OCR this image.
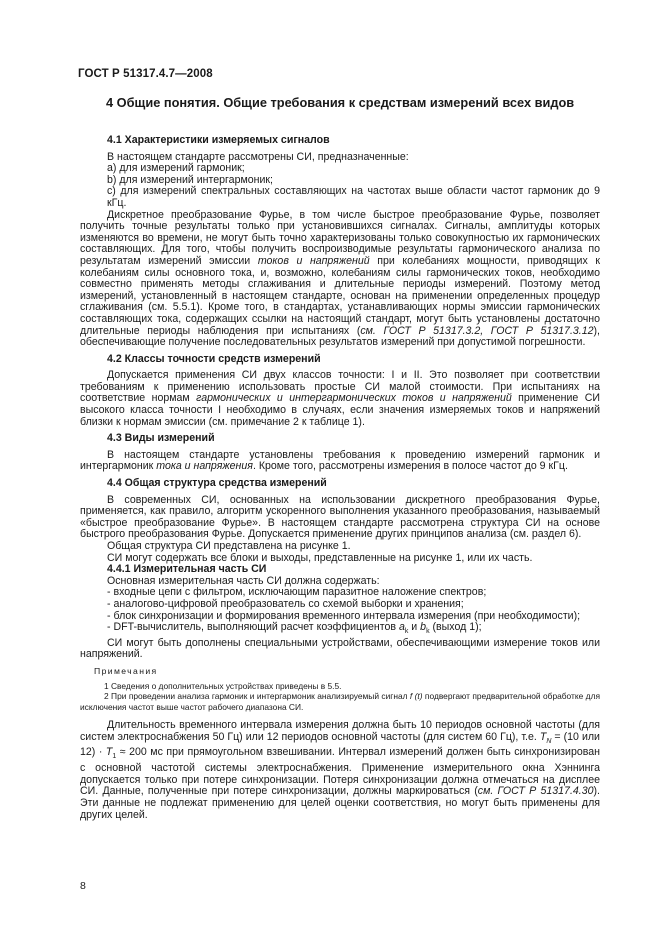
ГОСТ Р 51317.4.7—2008
4 Общие понятия. Общие требования к средствам измерений всех видов

4.1 Характеристики измеряемых сигналов

В настоящем стандарте рассмотрены СИ, предназначенные:

a) для измерений гармоник;

b) для измерений интергармоник;

c) для измерений спектральных составляющих на частотах выше области частот гармоник до 9 кГц.

Дискретное преобразование Фурье, в том числе быстрое преобразование Фурье, позволяет получить точные результаты только при установившихся сигналах. Сигналы, амплитуды которых изменяются во времени, не могут быть точно характеризованы только совокупностью их гармонических составляющих. Для того, чтобы получить воспроизводимые результаты гармонического анализа по результатам измерений эмиссии токов и напряжений при колебаниях мощности, приводящих к колебаниям силы основного тока, и, возможно, колебаниям силы гармонических токов, необходимо совместно применять методы сглаживания и длительные периоды измерений. Поэтому метод измерений, установленный в настоящем стандарте, основан на применении определенных процедур сглаживания (см. 5.5.1). Кроме того, в стандартах, устанавливающих нормы эмиссии гармонических составляющих тока, содержащих ссылки на настоящий стандарт, могут быть установлены достаточно длительные периоды наблюдения при испытаниях (см. ГОСТ Р 51317.3.2, ГОСТ Р 51317.3.12), обеспечивающие получение последовательных результатов измерений при допустимой погрешности.

4.2 Классы точности средств измерений

Допускается применения СИ двух классов точности: I и II. Это позволяет при соответствии требованиям к применению использовать простые СИ малой стоимости. При испытаниях на соответствие нормам гармонических и интергармонических токов и напряжений применение СИ высокого класса точности I необходимо в случаях, если значения измеряемых токов и напряжений близки к нормам эмиссии (см. примечание 2 к таблице 1).

4.3 Виды измерений

В настоящем стандарте установлены требования к проведению измерений гармоник и интергармоник тока и напряжения. Кроме того, рассмотрены измерения в полосе частот до 9 кГц.

4.4 Общая структура средства измерений

В современных СИ, основанных на использовании дискретного преобразования Фурье, применяется, как правило, алгоритм ускоренного выполнения указанного преобразования, называемый «быстрое преобразование Фурье». В настоящем стандарте рассмотрена структура СИ на основе быстрого преобразования Фурье. Допускается применение других принципов анализа (см. раздел 6).

Общая структура СИ представлена на рисунке 1.

СИ могут содержать все блоки и выходы, представленные на рисунке 1, или их часть.

4.4.1 Измерительная часть СИ

Основная измерительная часть СИ должна содержать:

- входные цепи с фильтром, исключающим паразитное наложение спектров;

- аналогово-цифровой преобразователь со схемой выборки и хранения;

- блок синхронизации и формирования временного интервала измерения (при необходимости);

- DFT-вычислитель, выполняющий расчет коэффициентов $a_k$ и $b_k$ (выход 1);

СИ могут быть дополнены специальными устройствами, обеспечивающими измерение токов или напряжений.

Примечания

1 Сведения о дополнительных устройствах приведены в 5.5.

2 При проведении анализа гармоник и интергармоник анализируемый сигнал f (t) подвергают предварительной обработке для исключения частот выше частот рабочего диапазона СИ.

Длительность временного интервала измерения должна быть 10 периодов основной частоты (для систем электроснабжения 50 Гц) или 12 периодов основной частоты (для систем 60 Гц), т.е. $T_N = (10$ или $12) \cdot T_1 \approx 200$ мс при прямоугольном взвешивании. Интервал измерений должен быть синхронизирован с основной частотой системы электроснабжения. Применение измерительного окна Хэннинга допускается только при потере синхронизации. Потеря синхронизации должна отмечаться на дисплее СИ. Данные, полученные при потере синхронизации, должны маркироваться (см. ГОСТ Р 51317.4.30). Эти данные не подлежат применению для целей оценки соответствия, но могут быть применены для других целей.

8
